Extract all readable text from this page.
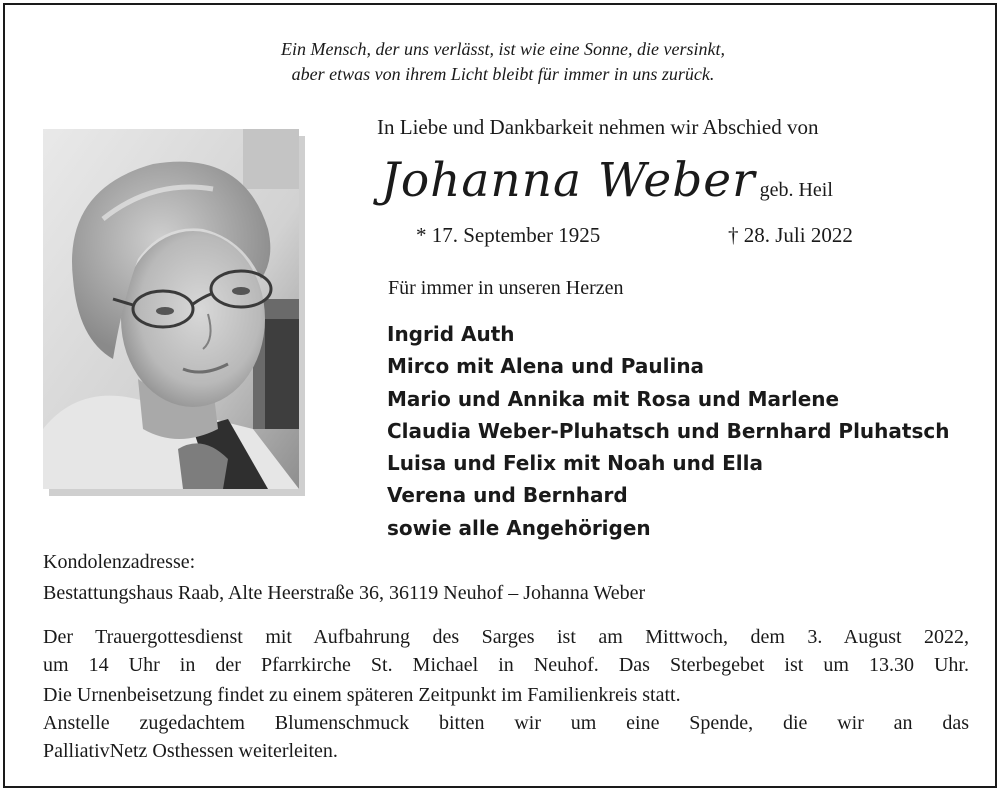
Ein Mensch, der uns verlässt, ist wie eine Sonne, die versinkt,
aber etwas von ihrem Licht bleibt für immer in uns zurück.
In Liebe und Dankbarkeit nehmen wir Abschied von
Johanna Weber geb. Heil
* 17. September 1925	† 28. Juli 2022
Für immer in unseren Herzen
Ingrid Auth
Mirco mit Alena und Paulina
Mario und Annika mit Rosa und Marlene
Claudia Weber-Pluhatsch und Bernhard Pluhatsch
Luisa und Felix mit Noah und Ella
Verena und Bernhard
sowie alle Angehörigen
Kondolenzadresse:
Bestattungshaus Raab, Alte Heerstraße 36, 36119 Neuhof – Johanna Weber
Der Trauergottesdienst mit Aufbahrung des Sarges ist am Mittwoch, dem 3. August 2022,
um 14 Uhr in der Pfarrkirche St. Michael in Neuhof. Das Sterbegebet ist um 13.30 Uhr.
Die Urnenbeisetzung findet zu einem späteren Zeitpunkt im Familienkreis statt.
Anstelle zugedachtem Blumenschmuck bitten wir um eine Spende, die wir an das
PalliativNetz Osthessen weiterleiten.
